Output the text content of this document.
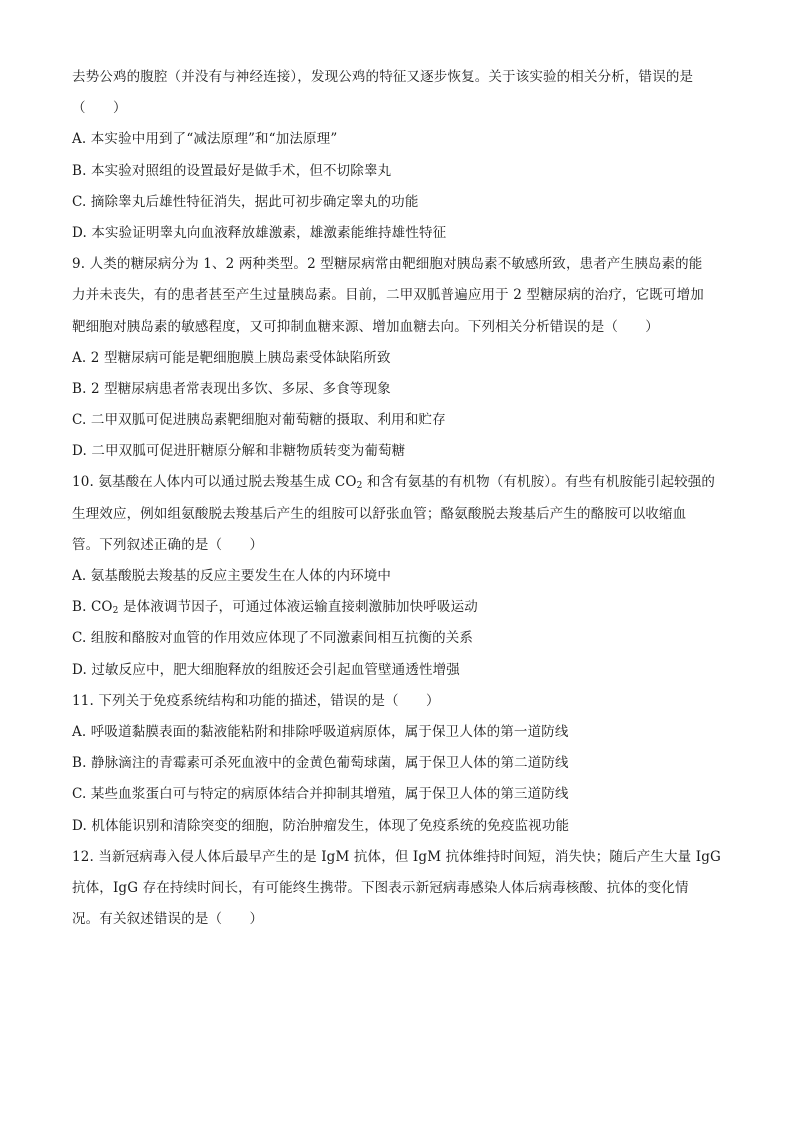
去势公鸡的腹腔（并没有与神经连接），发现公鸡的特征又逐步恢复。关于该实验的相关分析，错误的是
（　　）
A. 本实验中用到了“减法原理”和“加法原理”
B. 本实验对照组的设置最好是做手术，但不切除睾丸
C. 摘除睾丸后雄性特征消失，据此可初步确定睾丸的功能
D. 本实验证明睾丸向血液释放雄激素，雄激素能维持雄性特征
9. 人类的糖尿病分为 1、2 两种类型。2 型糖尿病常由靶细胞对胰岛素不敏感所致，患者产生胰岛素的能
力并未丧失，有的患者甚至产生过量胰岛素。目前，二甲双胍普遍应用于 2 型糖尿病的治疗，它既可增加
靶细胞对胰岛素的敏感程度，又可抑制血糖来源、增加血糖去向。下列相关分析错误的是（　　）
A. 2 型糖尿病可能是靶细胞膜上胰岛素受体缺陷所致
B. 2 型糖尿病患者常表现出多饮、多尿、多食等现象
C. 二甲双胍可促进胰岛素靶细胞对葡萄糖的摄取、利用和贮存
D. 二甲双胍可促进肝糖原分解和非糖物质转变为葡萄糖
10. 氨基酸在人体内可以通过脱去羧基生成 $CO_2$ 和含有氨基的有机物（有机胺）。有些有机胺能引起较强的
生理效应，例如组氨酸脱去羧基后产生的组胺可以舒张血管；酪氨酸脱去羧基后产生的酪胺可以收缩血
管。下列叙述正确的是（　　）
A. 氨基酸脱去羧基的反应主要发生在人体的内环境中
B. $CO_2$ 是体液调节因子，可通过体液运输直接刺激肺加快呼吸运动
C. 组胺和酪胺对血管的作用效应体现了不同激素间相互抗衡的关系
D. 过敏反应中，肥大细胞释放的组胺还会引起血管壁通透性增强
11. 下列关于免疫系统结构和功能的描述，错误的是（　　）
A. 呼吸道黏膜表面的黏液能粘附和排除呼吸道病原体，属于保卫人体的第一道防线
B. 静脉滴注的青霉素可杀死血液中的金黄色葡萄球菌，属于保卫人体的第二道防线
C. 某些血浆蛋白可与特定的病原体结合并抑制其增殖，属于保卫人体的第三道防线
D. 机体能识别和清除突变的细胞，防治肿瘤发生，体现了免疫系统的免疫监视功能
12. 当新冠病毒入侵人体后最早产生的是 IgM 抗体，但 IgM 抗体维持时间短，消失快；随后产生大量 IgG
抗体，IgG 存在持续时间长，有可能终生携带。下图表示新冠病毒感染人体后病毒核酸、抗体的变化情
况。有关叙述错误的是（　　）
